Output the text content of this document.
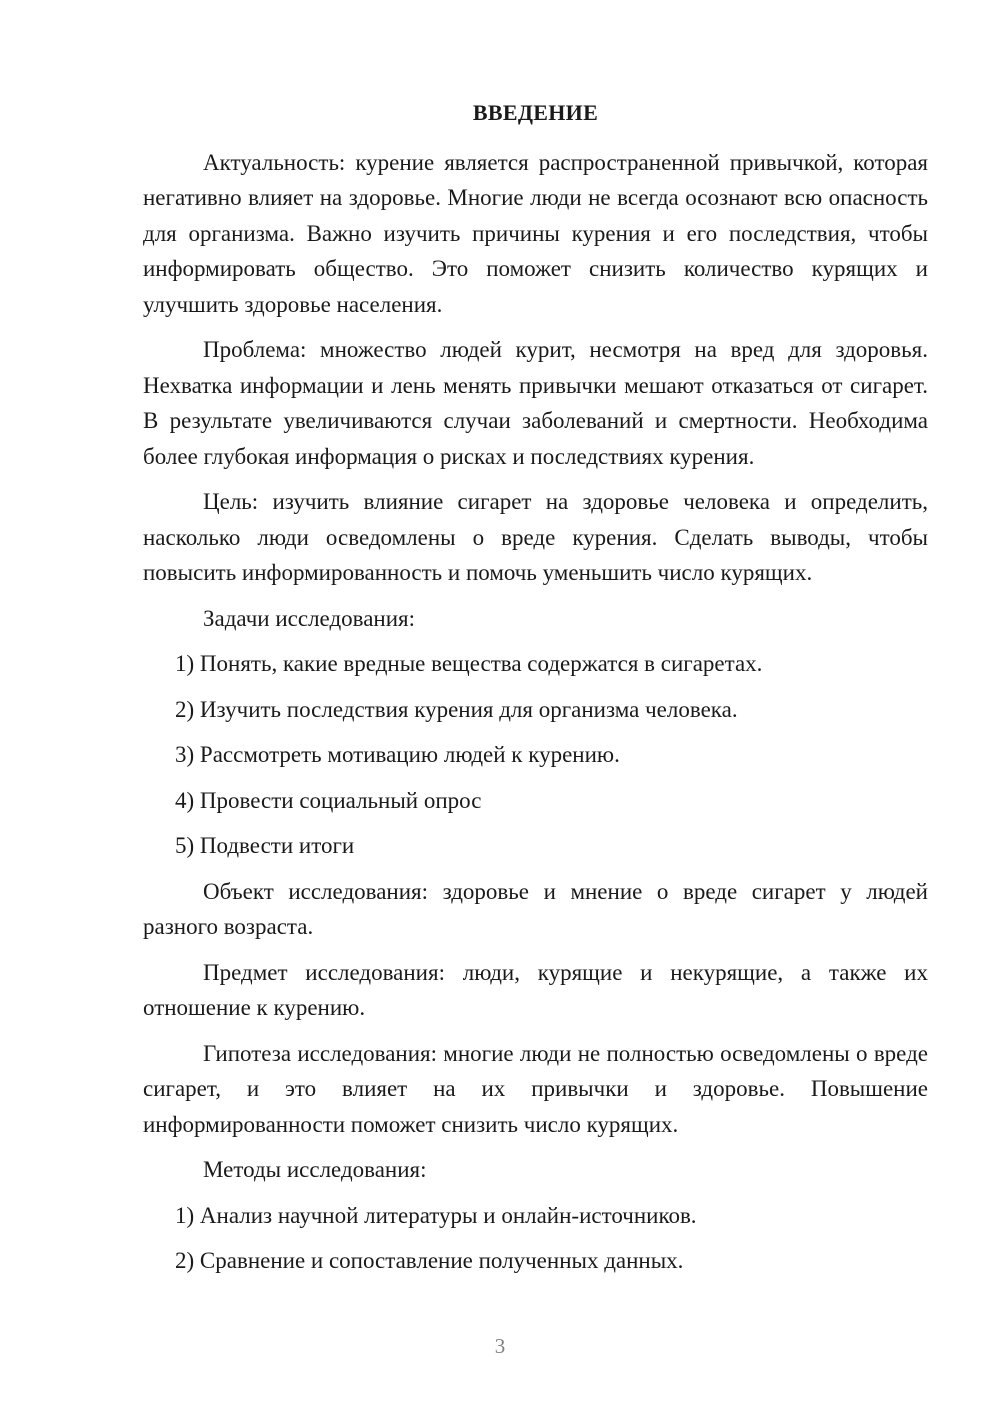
ВВЕДЕНИЕ

Актуальность: курение является распространенной привычкой, которая негативно влияет на здоровье. Многие люди не всегда осознают всю опасность для организма. Важно изучить причины курения и его последствия, чтобы информировать общество. Это поможет снизить количество курящих и улучшить здоровье населения.

Проблема: множество людей курит, несмотря на вред для здоровья. Нехватка информации и лень менять привычки мешают отказаться от сигарет. В результате увеличиваются случаи заболеваний и смертности. Необходима более глубокая информация о рисках и последствиях курения.

Цель: изучить влияние сигарет на здоровье человека и определить, насколько люди осведомлены о вреде курения. Сделать выводы, чтобы повысить информированность и помочь уменьшить число курящих.

Задачи исследования:

1) Понять, какие вредные вещества содержатся в сигаретах.

2) Изучить последствия курения для организма человека.

3) Рассмотреть мотивацию людей к курению.

4) Провести социальный опрос

5) Подвести итоги

Объект исследования: здоровье и мнение о вреде сигарет у людей разного возраста.

Предмет исследования: люди, курящие и некурящие, а также их отношение к курению.

Гипотеза исследования: многие люди не полностью осведомлены о вреде сигарет, и это влияет на их привычки и здоровье. Повышение информированности поможет снизить число курящих.

Методы исследования:

1) Анализ научной литературы и онлайн-источников.

2) Сравнение и сопоставление полученных данных.

3
